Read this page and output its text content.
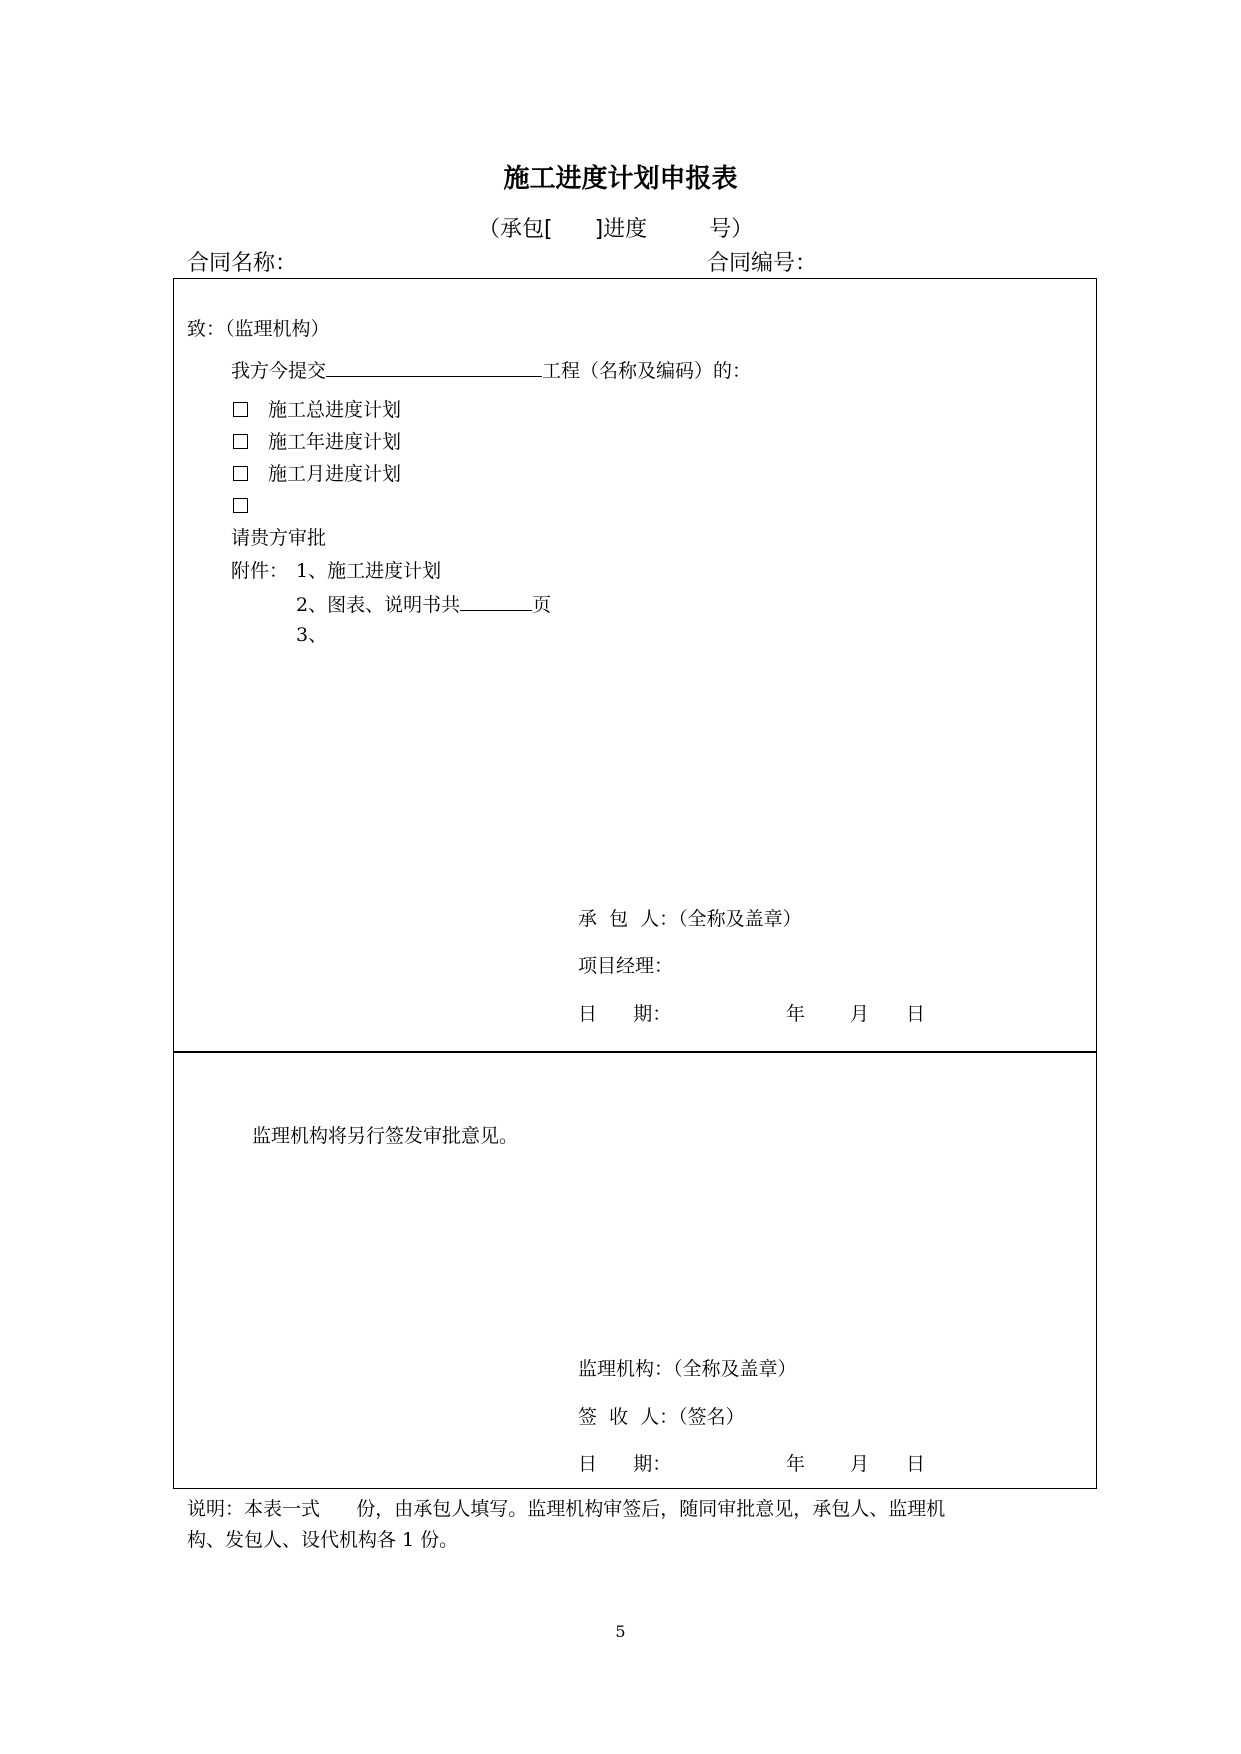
施工进度计划申报表
（承包[ ]进度	号）
合同名称：	合同编号：
致：（监理机构）
我方今提交	工程（名称及编码）的：
施工总进度计划
施工年进度计划
施工月进度计划
请贵方审批
附件： 1、施工进度计划
2、图表、说明书共	页
3、
承  包  人：（全称及盖章）
项目经理：
日      期：	年 月 日
监理机构将另行签发审批意见。
监理机构：（全称及盖章）
签  收  人：（签名）
日      期：	年 月 日
说明：本表一式      份，由承包人填写。监理机构审签后，随同审批意见，承包人、监理机
构、发包人、设代机构各 1 份。
5
